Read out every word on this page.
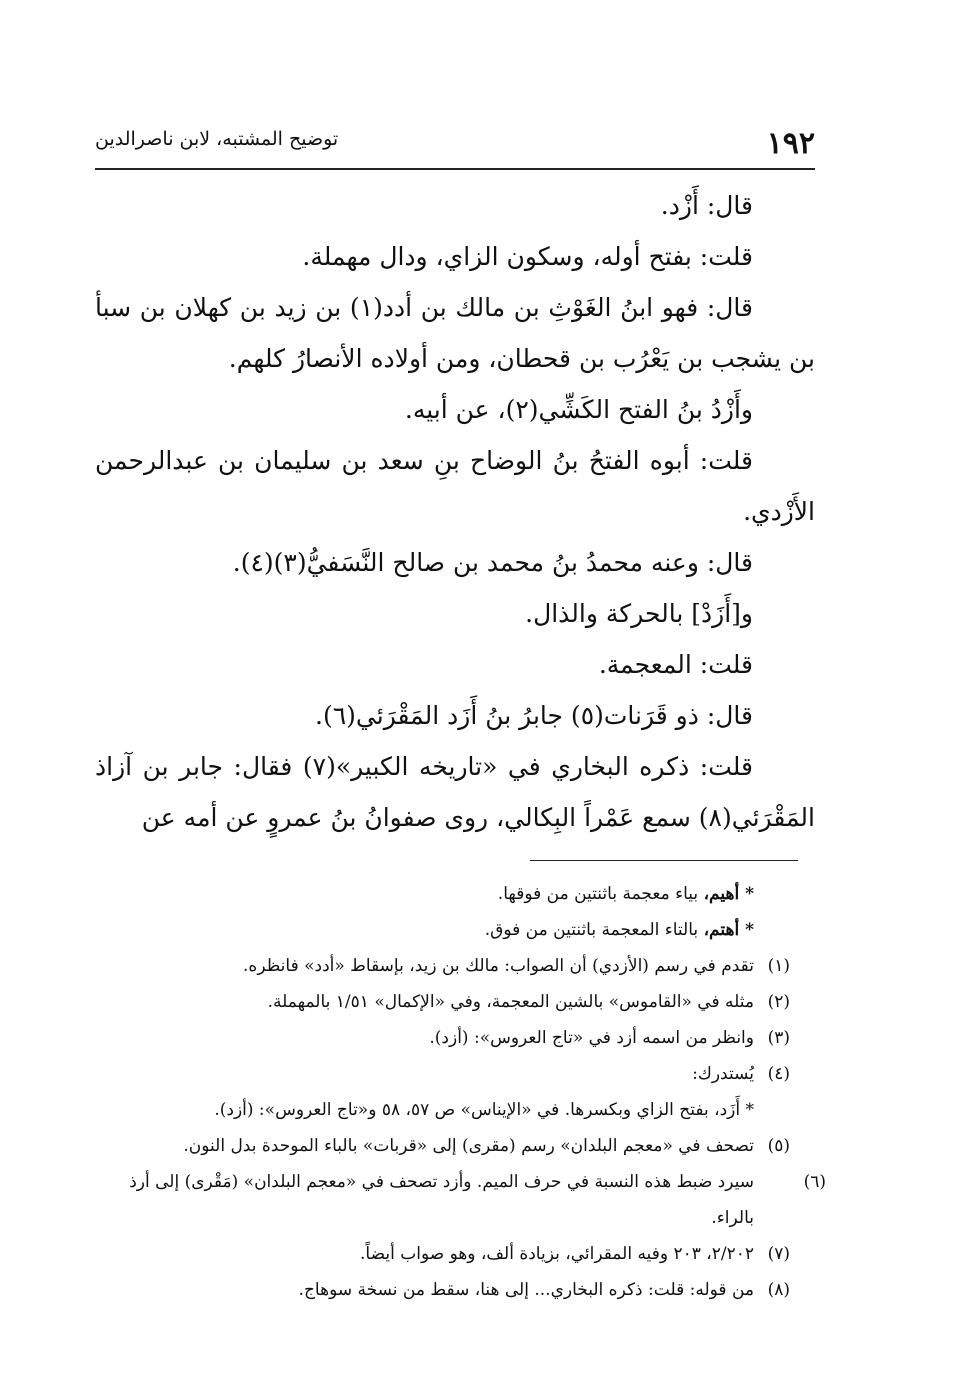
١٩٢
توضيح المشتبه، لابن ناصرالدين

قال: أَزْد.

قلت: بفتح أوله، وسكون الزاي، ودال مهملة.

قال: فهو ابنُ الغَوْثِ بن مالك بن أدد(١) بن زيد بن كهلان بن سبأ بن يشجب بن يَعْرُب بن قحطان، ومن أولاده الأنصارُ كلهم.

وأَزْدُ بنُ الفتح الكَشِّي(٢)، عن أبيه.

قلت: أبوه الفتحُ بنُ الوضاح بنِ سعد بن سليمان بن عبدالرحمن الأَزْدي.

قال: وعنه محمدُ بنُ محمد بن صالح النَّسَفيُّ(٣)(٤).

و[أَزَدْ] بالحركة والذال.

قلت: المعجمة.

قال: ذو قَرَنات(٥) جابرُ بنُ أَزَد المَقْرَئي(٦).

قلت: ذكره البخاري في «تاريخه الكبير»(٧) فقال: جابر بن آزاذ المَقْرَئي(٨) سمع عَمْراً البِكالي، روى صفوانُ بنُ عمروٍ عن أمه عن

* أهيم، بياء معجمة باثنتين من فوقها.

* أهتم، بالتاء المعجمة باثنتين من فوق.

(١)تقدم في رسم (الأزدي) أن الصواب: مالك بن زيد، بإسقاط «أدد» فانظره.

(٢)مثله في «القاموس» بالشين المعجمة، وفي «الإكمال» ١/٥١ بالمهملة.

(٣)وانظر من اسمه أزد في «تاج العروس»: (أزد).

(٤)يُستدرك:

* أَزَد، بفتح الزاي وبكسرها. في «الإيناس» ص ٥٧، ٥٨ و«تاج العروس»: (أزد).

(٥)تصحف في «معجم البلدان» رسم (مقرى) إلى «قربات» بالباء الموحدة بدل النون.

(٦)سيرد ضبط هذه النسبة في حرف الميم. وأزد تصحف في «معجم البلدان» (مَقْرى) إلى أرذ بالراء.

(٧)٢/٢٠٢، ٢٠٣ وفيه المقرائي، بزيادة ألف، وهو صواب أيضاً.

(٨)من قوله: قلت: ذكره البخاري... إلى هنا، سقط من نسخة سوهاج.
